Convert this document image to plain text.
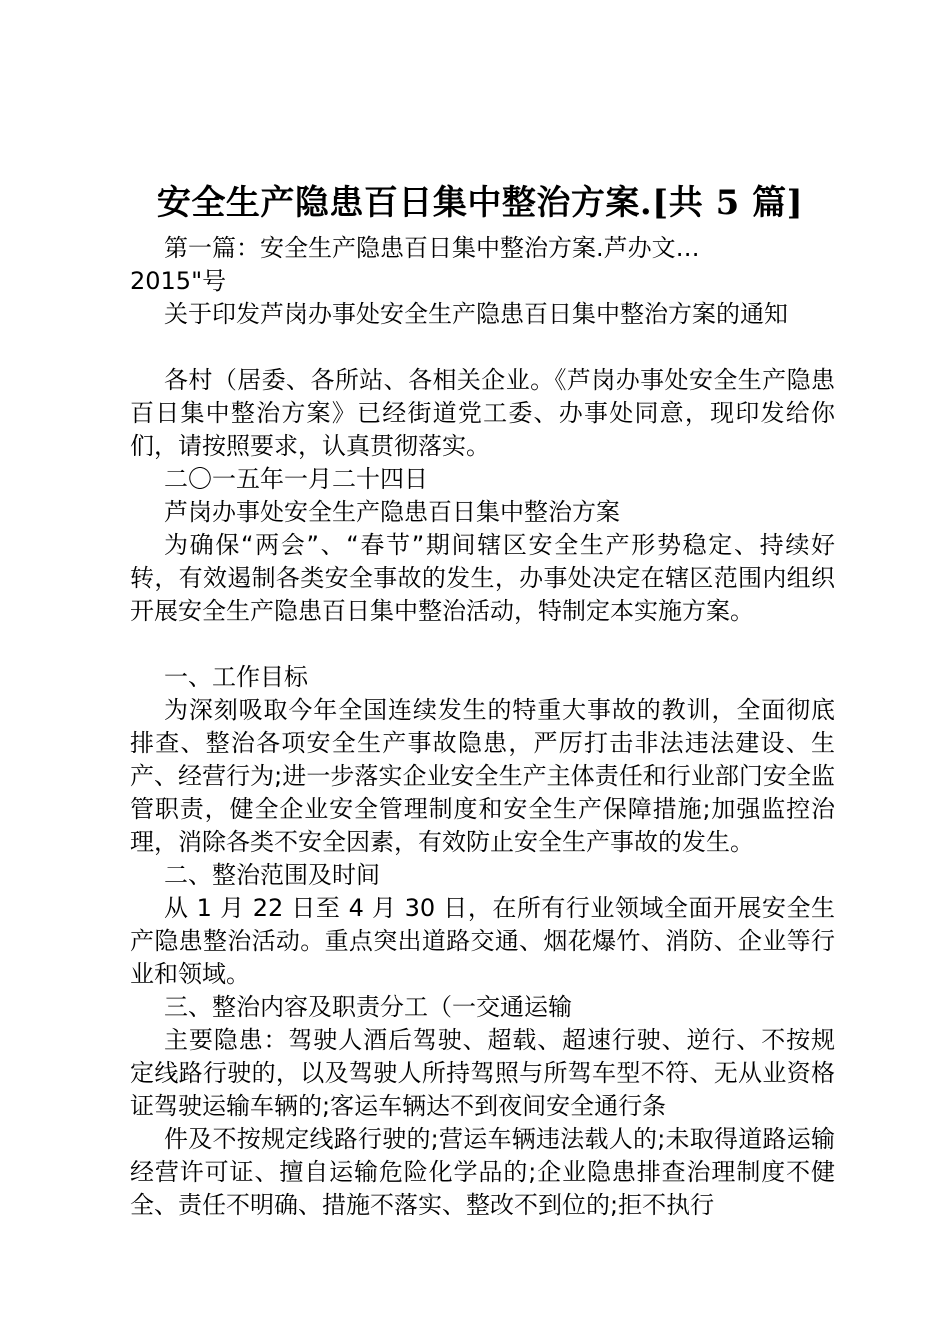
安全生产隐患百日集中整治方案.[共 5 篇]

第一篇：安全生产隐患百日集中整治方案.芦办文…

2015"号

关于印发芦岗办事处安全生产隐患百日集中整治方案的通知

各村（居委、各所站、各相关企业。《芦岗办事处安全生产隐患百日集中整治方案》已经街道党工委、办事处同意，现印发给你们，请按照要求，认真贯彻落实。

二〇一五年一月二十四日

芦岗办事处安全生产隐患百日集中整治方案

为确保“两会”、“春节”期间辖区安全生产形势稳定、持续好转，有效遏制各类安全事故的发生，办事处决定在辖区范围内组织开展安全生产隐患百日集中整治活动，特制定本实施方案。

一、工作目标

为深刻吸取今年全国连续发生的特重大事故的教训，全面彻底排查、整治各项安全生产事故隐患，严厉打击非法违法建设、生产、经营行为;进一步落实企业安全生产主体责任和行业部门安全监管职责，健全企业安全管理制度和安全生产保障措施;加强监控治理，消除各类不安全因素，有效防止安全生产事故的发生。

二、整治范围及时间

从 1 月 22 日至 4 月 30 日，在所有行业领域全面开展安全生产隐患整治活动。重点突出道路交通、烟花爆竹、消防、企业等行业和领域。

三、整治内容及职责分工（一交通运输

主要隐患：驾驶人酒后驾驶、超载、超速行驶、逆行、不按规定线路行驶的，以及驾驶人所持驾照与所驾车型不符、无从业资格证驾驶运输车辆的;客运车辆达不到夜间安全通行条

件及不按规定线路行驶的;营运车辆违法载人的;未取得道路运输经营许可证、擅自运输危险化学品的;企业隐患排查治理制度不健全、责任不明确、措施不落实、整改不到位的;拒不执行
